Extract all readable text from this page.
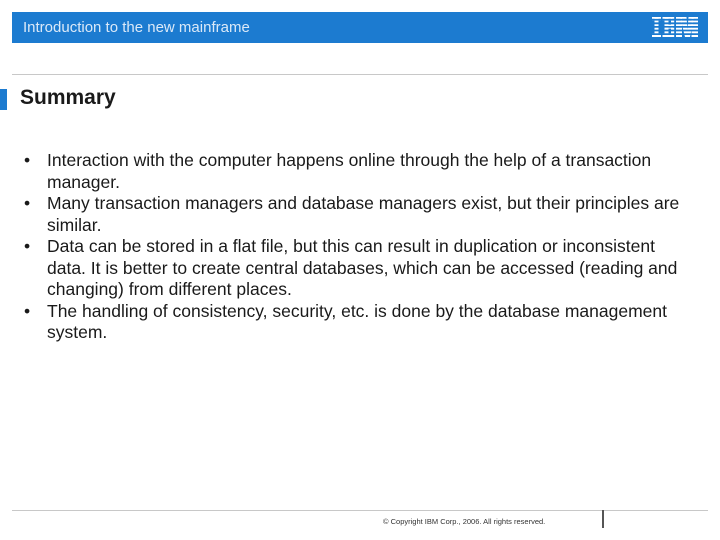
Introduction to the new mainframe
Summary
• Interaction with the computer happens online through the help of a transaction manager.
• Many transaction managers and database managers exist, but their principles are similar.
• Data can be stored in a flat file, but this can result in duplication or inconsistent data. It is better to create central databases, which can be accessed (reading and changing) from different places.
• The handling of consistency, security, etc. is done by the database management system.
© Copyright IBM Corp., 2006. All rights reserved.
